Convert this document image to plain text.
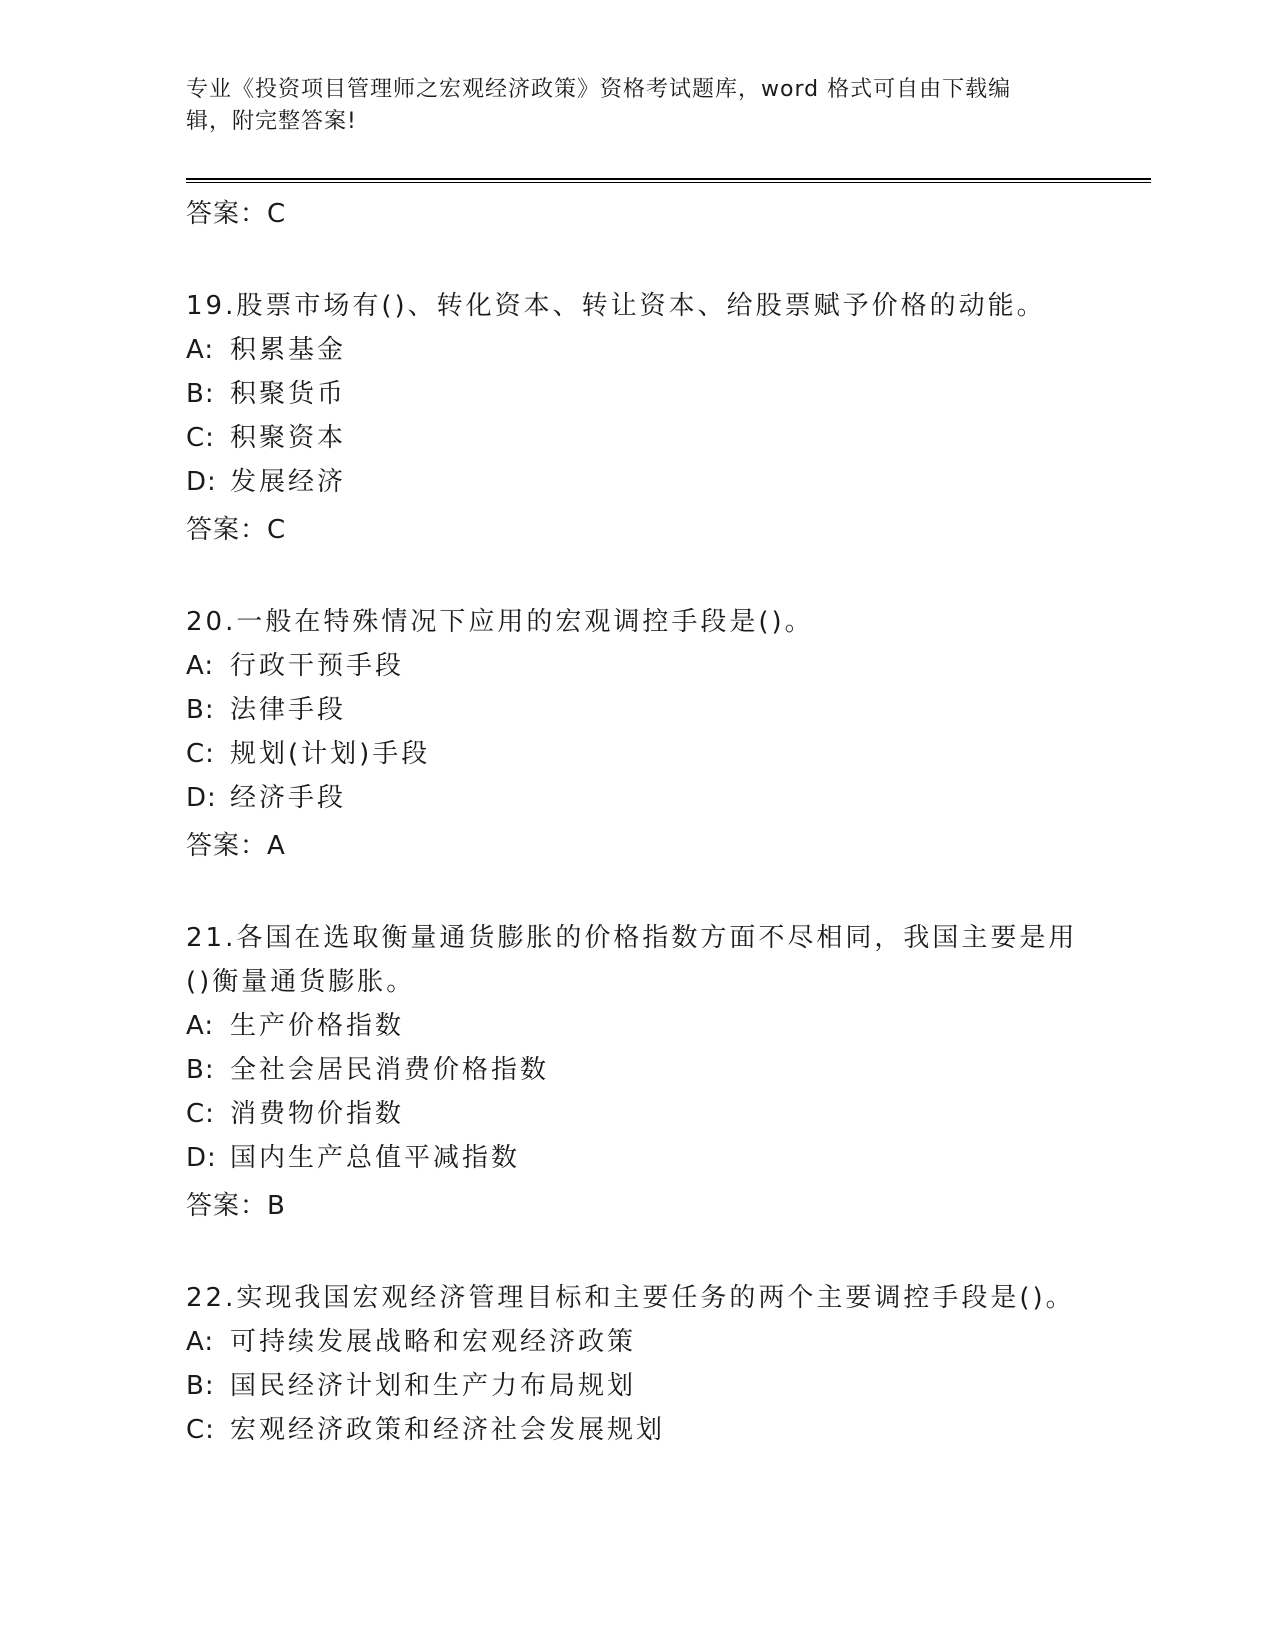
专业《投资项目管理师之宏观经济政策》资格考试题库，word 格式可自由下载编
辑，附完整答案!
答案：C
19.股票市场有()、转化资本、转让资本、给股票赋予价格的动能。
A: 积累基金
B: 积聚货币
C: 积聚资本
D: 发展经济
答案：C
20.一般在特殊情况下应用的宏观调控手段是()。
A: 行政干预手段
B: 法律手段
C: 规划(计划)手段
D: 经济手段
答案：A
21.各国在选取衡量通货膨胀的价格指数方面不尽相同，我国主要是用()衡量通货膨胀。
A: 生产价格指数
B: 全社会居民消费价格指数
C: 消费物价指数
D: 国内生产总值平减指数
答案：B
22.实现我国宏观经济管理目标和主要任务的两个主要调控手段是()。
A: 可持续发展战略和宏观经济政策
B: 国民经济计划和生产力布局规划
C: 宏观经济政策和经济社会发展规划
